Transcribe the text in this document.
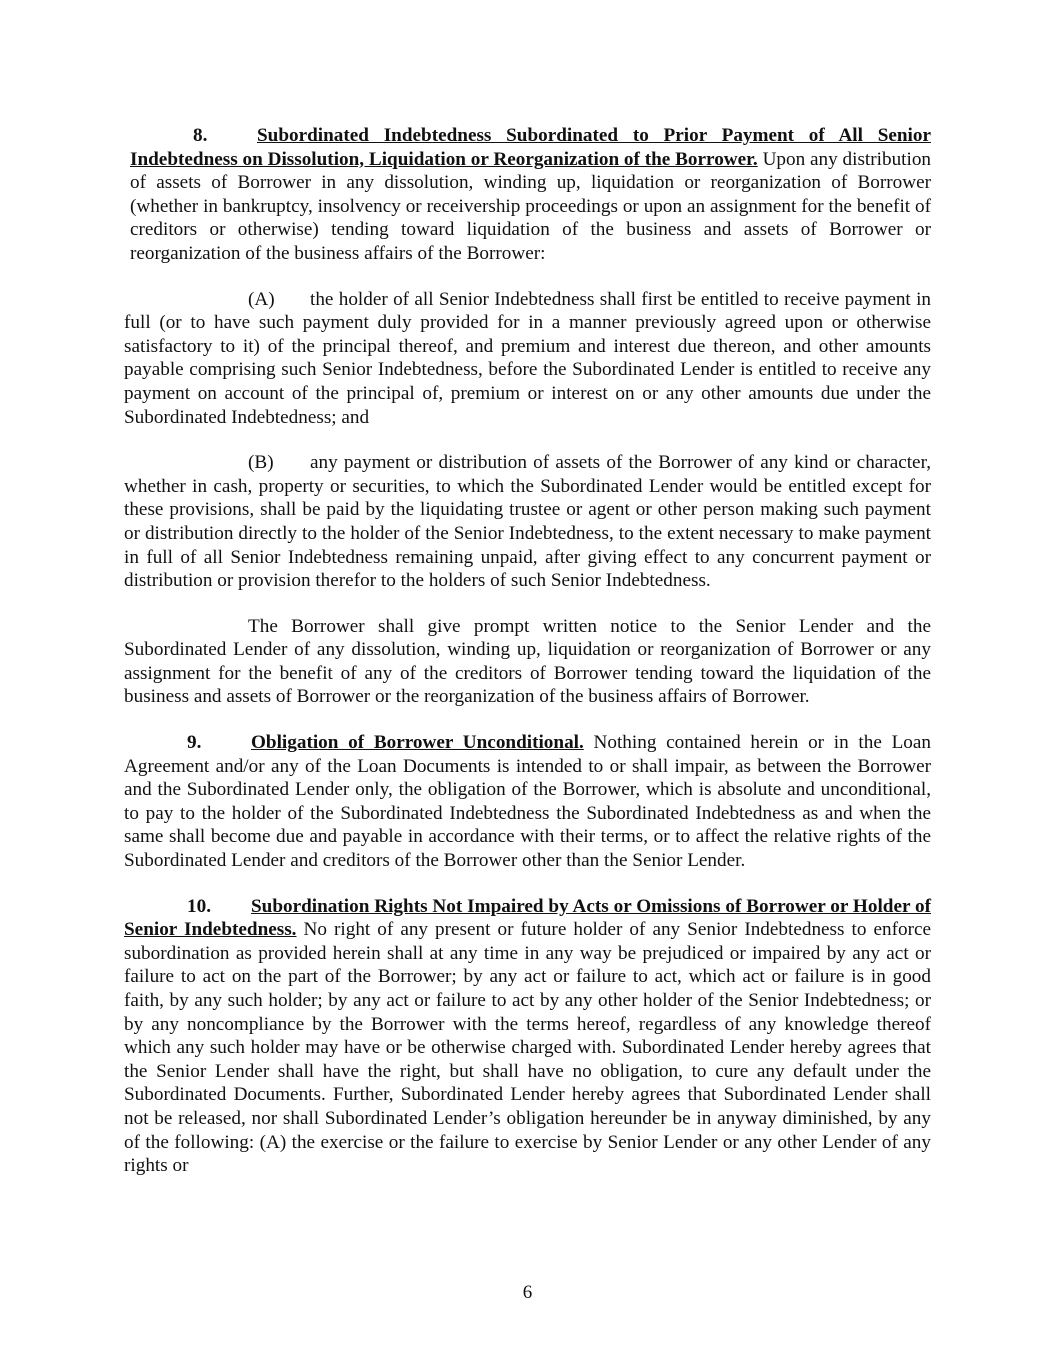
8.	Subordinated Indebtedness Subordinated to Prior Payment of All Senior Indebtedness on Dissolution, Liquidation or Reorganization of the Borrower. Upon any distribution of assets of Borrower in any dissolution, winding up, liquidation or reorganization of Borrower (whether in bankruptcy, insolvency or receivership proceedings or upon an assignment for the benefit of creditors or otherwise) tending toward liquidation of the business and assets of Borrower or reorganization of the business affairs of the Borrower:

(A) the holder of all Senior Indebtedness shall first be entitled to receive payment in full (or to have such payment duly provided for in a manner previously agreed upon or otherwise satisfactory to it) of the principal thereof, and premium and interest due thereon, and other amounts payable comprising such Senior Indebtedness, before the Subordinated Lender is entitled to receive any payment on account of the principal of, premium or interest on or any other amounts due under the Subordinated Indebtedness; and

(B) any payment or distribution of assets of the Borrower of any kind or character, whether in cash, property or securities, to which the Subordinated Lender would be entitled except for these provisions, shall be paid by the liquidating trustee or agent or other person making such payment or distribution directly to the holder of the Senior Indebtedness, to the extent necessary to make payment in full of all Senior Indebtedness remaining unpaid, after giving effect to any concurrent payment or distribution or provision therefor to the holders of such Senior Indebtedness.

The Borrower shall give prompt written notice to the Senior Lender and the Subordinated Lender of any dissolution, winding up, liquidation or reorganization of Borrower or any assignment for the benefit of any of the creditors of Borrower tending toward the liquidation of the business and assets of Borrower or the reorganization of the business affairs of Borrower.

9.	Obligation of Borrower Unconditional. Nothing contained herein or in the Loan Agreement and/or any of the Loan Documents is intended to or shall impair, as between the Borrower and the Subordinated Lender only, the obligation of the Borrower, which is absolute and unconditional, to pay to the holder of the Subordinated Indebtedness the Subordinated Indebtedness as and when the same shall become due and payable in accordance with their terms, or to affect the relative rights of the Subordinated Lender and creditors of the Borrower other than the Senior Lender.

10. Subordination Rights Not Impaired by Acts or Omissions of Borrower or Holder of Senior Indebtedness. No right of any present or future holder of any Senior Indebtedness to enforce subordination as provided herein shall at any time in any way be prejudiced or impaired by any act or failure to act on the part of the Borrower; by any act or failure to act, which act or failure is in good faith, by any such holder; by any act or failure to act by any other holder of the Senior Indebtedness; or by any noncompliance by the Borrower with the terms hereof, regardless of any knowledge thereof which any such holder may have or be otherwise charged with. Subordinated Lender hereby agrees that the Senior Lender shall have the right, but shall have no obligation, to cure any default under the Subordinated Documents. Further, Subordinated Lender hereby agrees that Subordinated Lender shall not be released, nor shall Subordinated Lender’s obligation hereunder be in anyway diminished, by any of the following: (A) the exercise or the failure to exercise by Senior Lender or any other Lender of any rights or

6
